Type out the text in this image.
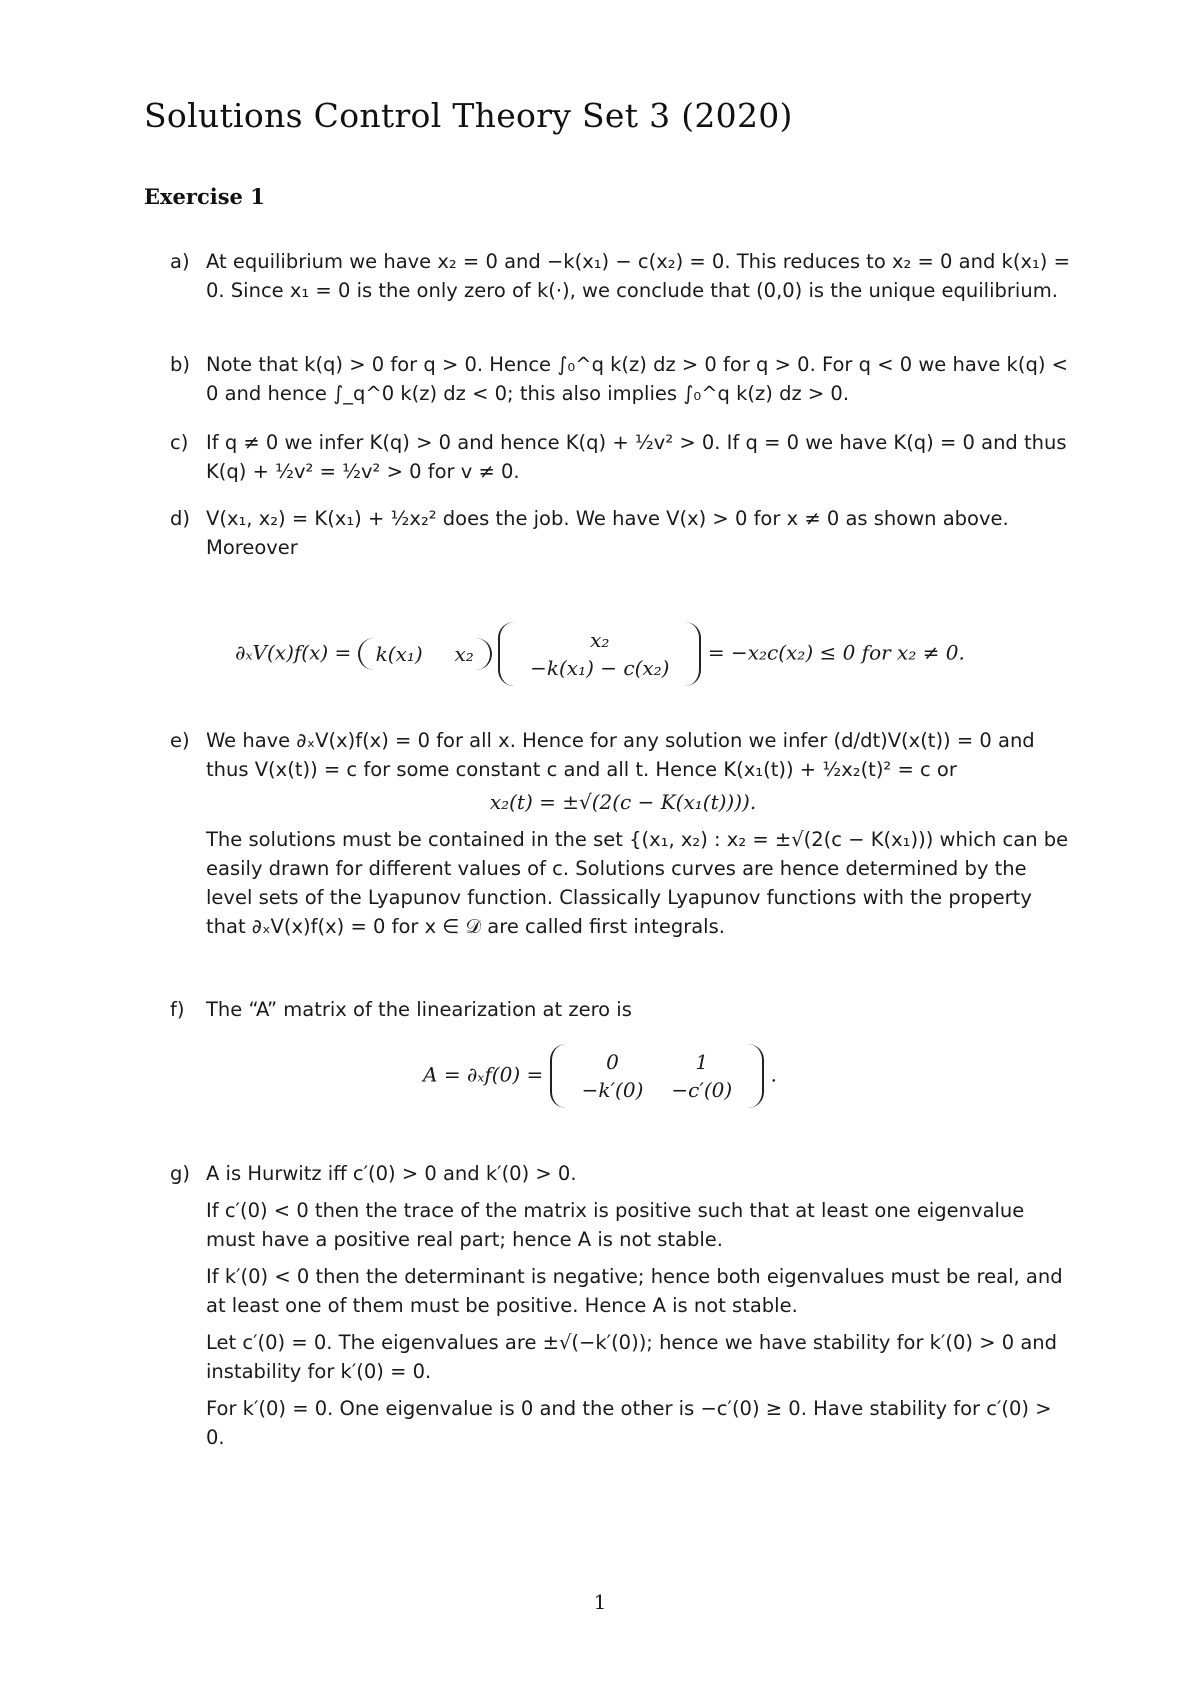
Solutions Control Theory Set 3 (2020)
Exercise 1
a) At equilibrium we have x₂ = 0 and −k(x₁) − c(x₂) = 0. This reduces to x₂ = 0 and k(x₁) = 0. Since x₁ = 0 is the only zero of k(·), we conclude that (0,0) is the unique equilibrium.

b) Note that k(q) > 0 for q > 0. Hence ∫₀^q k(z) dz > 0 for q > 0. For q < 0 we have k(q) < 0 and hence ∫_q^0 k(z) dz < 0; this also implies ∫₀^q k(z) dz > 0.

c) If q ≠ 0 we infer K(q) > 0 and hence K(q) + ½v² > 0. If q = 0 we have K(q) = 0 and thus K(q) + ½v² = ½v² > 0 for v ≠ 0.

d) V(x₁, x₂) = K(x₁) + ½x₂² does the job. We have V(x) > 0 for x ≠ 0 as shown above. Moreover

∂ₓV(x)f(x) = k(x₁) x₂
x₂
−k(x₁) − c(x₂)
= −x₂c(x₂) ≤ 0 for x₂ ≠ 0.
e) We have ∂ₓV(x)f(x) = 0 for all x. Hence for any solution we infer (d/dt)V(x(t)) = 0 and thus V(x(t)) = c for some constant c and all t. Hence K(x₁(t)) + ½x₂(t)² = c or

x₂(t) = ±√(2(c − K(x₁(t)))).

The solutions must be contained in the set {(x₁, x₂) : x₂ = ±√(2(c − K(x₁))) which can be easily drawn for different values of c. Solutions curves are hence determined by the level sets of the Lyapunov function. Classically Lyapunov functions with the property that ∂ₓV(x)f(x) = 0 for x ∈ 𝒟 are called first integrals.

f)	The “A” matrix of the linearization at zero is

A = ∂ₓf(0) =
0	1
−k′(0)	−c′(0)
.
g) A is Hurwitz iff c′(0) > 0 and k′(0) > 0.

If c′(0) < 0 then the trace of the matrix is positive such that at least one eigenvalue must have a positive real part; hence A is not stable.

If k′(0) < 0 then the determinant is negative; hence both eigenvalues must be real, and at least one of them must be positive. Hence A is not stable.

Let c′(0) = 0. The eigenvalues are ±√(−k′(0)); hence we have stability for k′(0) > 0 and instability for k′(0) = 0.

For k′(0) = 0. One eigenvalue is 0 and the other is −c′(0) ≥ 0. Have stability for c′(0) > 0.

1
